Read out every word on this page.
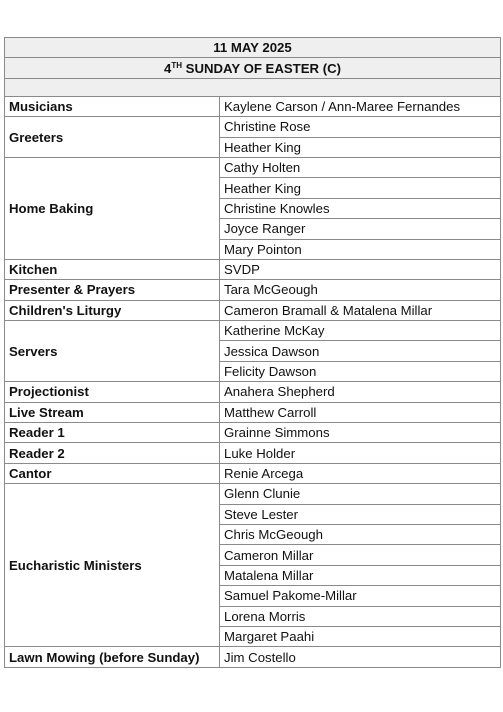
11 MAY 2025	
4TH SUNDAY OF EASTER (C)	

Musicians	Kaylene Carson / Ann-Maree Fernandes
Greeters	Christine Rose
	Heather King
Home Baking	Cathy Holten
	Heather King
	Christine Knowles
	Joyce Ranger
	Mary Pointon
Kitchen	SVDP
Presenter & Prayers	Tara McGeough
Children's Liturgy	Cameron Bramall & Matalena Millar
Servers	Katherine McKay
	Jessica Dawson
	Felicity Dawson
Projectionist	Anahera Shepherd
Live Stream	Matthew Carroll
Reader 1	Grainne Simmons
Reader 2	Luke Holder
Cantor	Renie Arcega
Eucharistic Ministers	Glenn Clunie
	Steve Lester
	Chris McGeough
	Cameron Millar
	Matalena Millar
	Samuel Pakome-Millar
	Lorena Morris
	Margaret Paahi
Lawn Mowing (before Sunday)	Jim Costello
